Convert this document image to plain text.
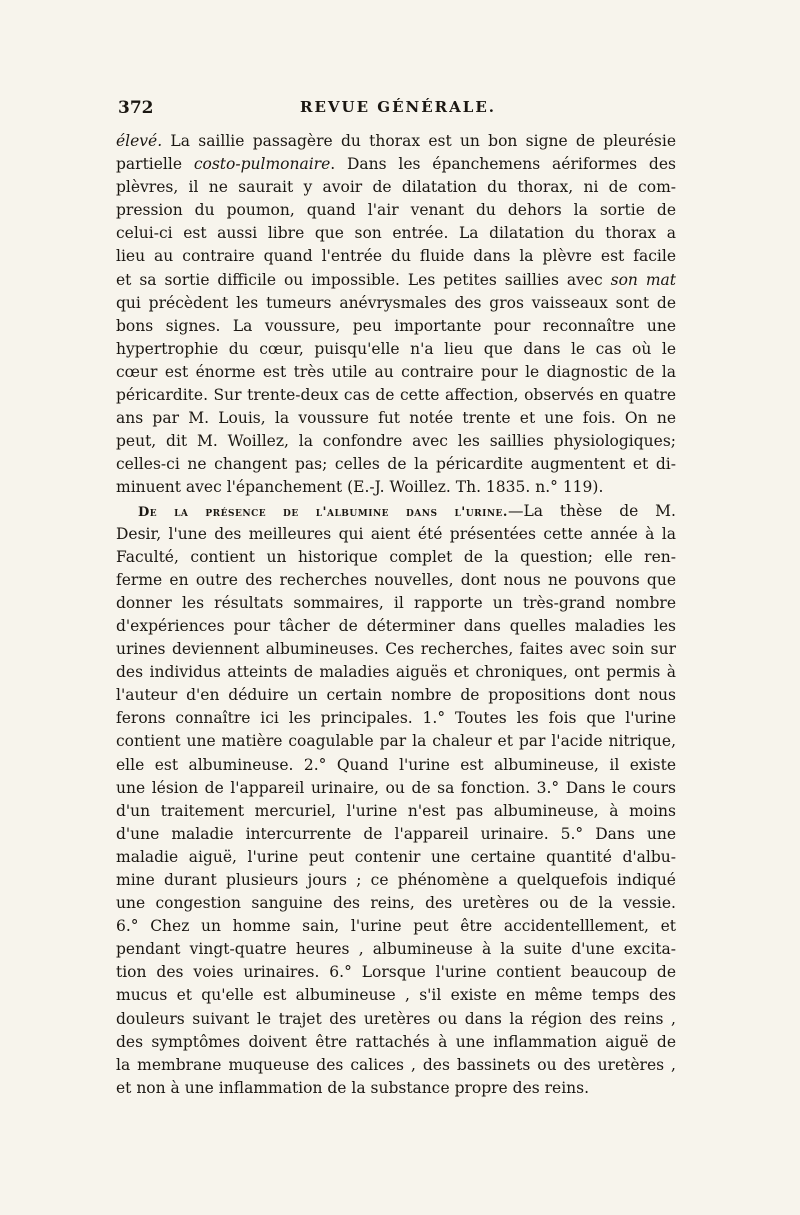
372	REVUE GÉNÉRALE.
élevé. La saillie passagère du thorax est un bon signe de pleurésie
partielle costo-pulmonaire. Dans les épanchemens aériformes des
plèvres, il ne saurait y avoir de dilatation du thorax, ni de com-
pression du poumon, quand l'air venant du dehors la sortie de
celui-ci est aussi libre que son entrée. La dilatation du thorax a
lieu au contraire quand l'entrée du fluide dans la plèvre est facile
et sa sortie difficile ou impossible. Les petites saillies avec son mat
qui précèdent les tumeurs anévrysmales des gros vaisseaux sont de
bons signes. La voussure, peu importante pour reconnaître une
hypertrophie du cœur, puisqu'elle n'a lieu que dans le cas où le
cœur est énorme est très utile au contraire pour le diagnostic de la
péricardite. Sur trente-deux cas de cette affection, observés en quatre
ans par M. Louis, la voussure fut notée trente et une fois. On ne
peut, dit M. Woillez, la confondre avec les saillies physiologiques;
celles-ci ne changent pas; celles de la péricardite augmentent et di-
minuent avec l'épanchement (E.-J. Woillez. Th. 1835. n.° 119).
De la présence de l'albumine dans l'urine.—La thèse de M.
Desir, l'une des meilleures qui aient été présentées cette année à la
Faculté, contient un historique complet de la question; elle ren-
ferme en outre des recherches nouvelles, dont nous ne pouvons que
donner les résultats sommaires, il rapporte un très-grand nombre
d'expériences pour tâcher de déterminer dans quelles maladies les
urines deviennent albumineuses. Ces recherches, faites avec soin sur
des individus atteints de maladies aiguës et chroniques, ont permis à
l'auteur d'en déduire un certain nombre de propositions dont nous
ferons connaître ici les principales. 1.° Toutes les fois que l'urine
contient une matière coagulable par la chaleur et par l'acide nitrique,
elle est albumineuse. 2.° Quand l'urine est albumineuse, il existe
une lésion de l'appareil urinaire, ou de sa fonction. 3.° Dans le cours
d'un traitement mercuriel, l'urine n'est pas albumineuse, à moins
d'une maladie intercurrente de l'appareil urinaire. 5.° Dans une
maladie aiguë, l'urine peut contenir une certaine quantité d'albu-
mine durant plusieurs jours ; ce phénomène a quelquefois indiqué
une congestion sanguine des reins, des uretères ou de la vessie.
6.° Chez un homme sain, l'urine peut être accidentelllement, et
pendant vingt-quatre heures , albumineuse à la suite d'une excita-
tion des voies urinaires. 6.° Lorsque l'urine contient beaucoup de
mucus et qu'elle est albumineuse , s'il existe en même temps des
douleurs suivant le trajet des uretères ou dans la région des reins ,
des symptômes doivent être rattachés à une inflammation aiguë de
la membrane muqueuse des calices , des bassinets ou des uretères ,
et non à une inflammation de la substance propre des reins.
